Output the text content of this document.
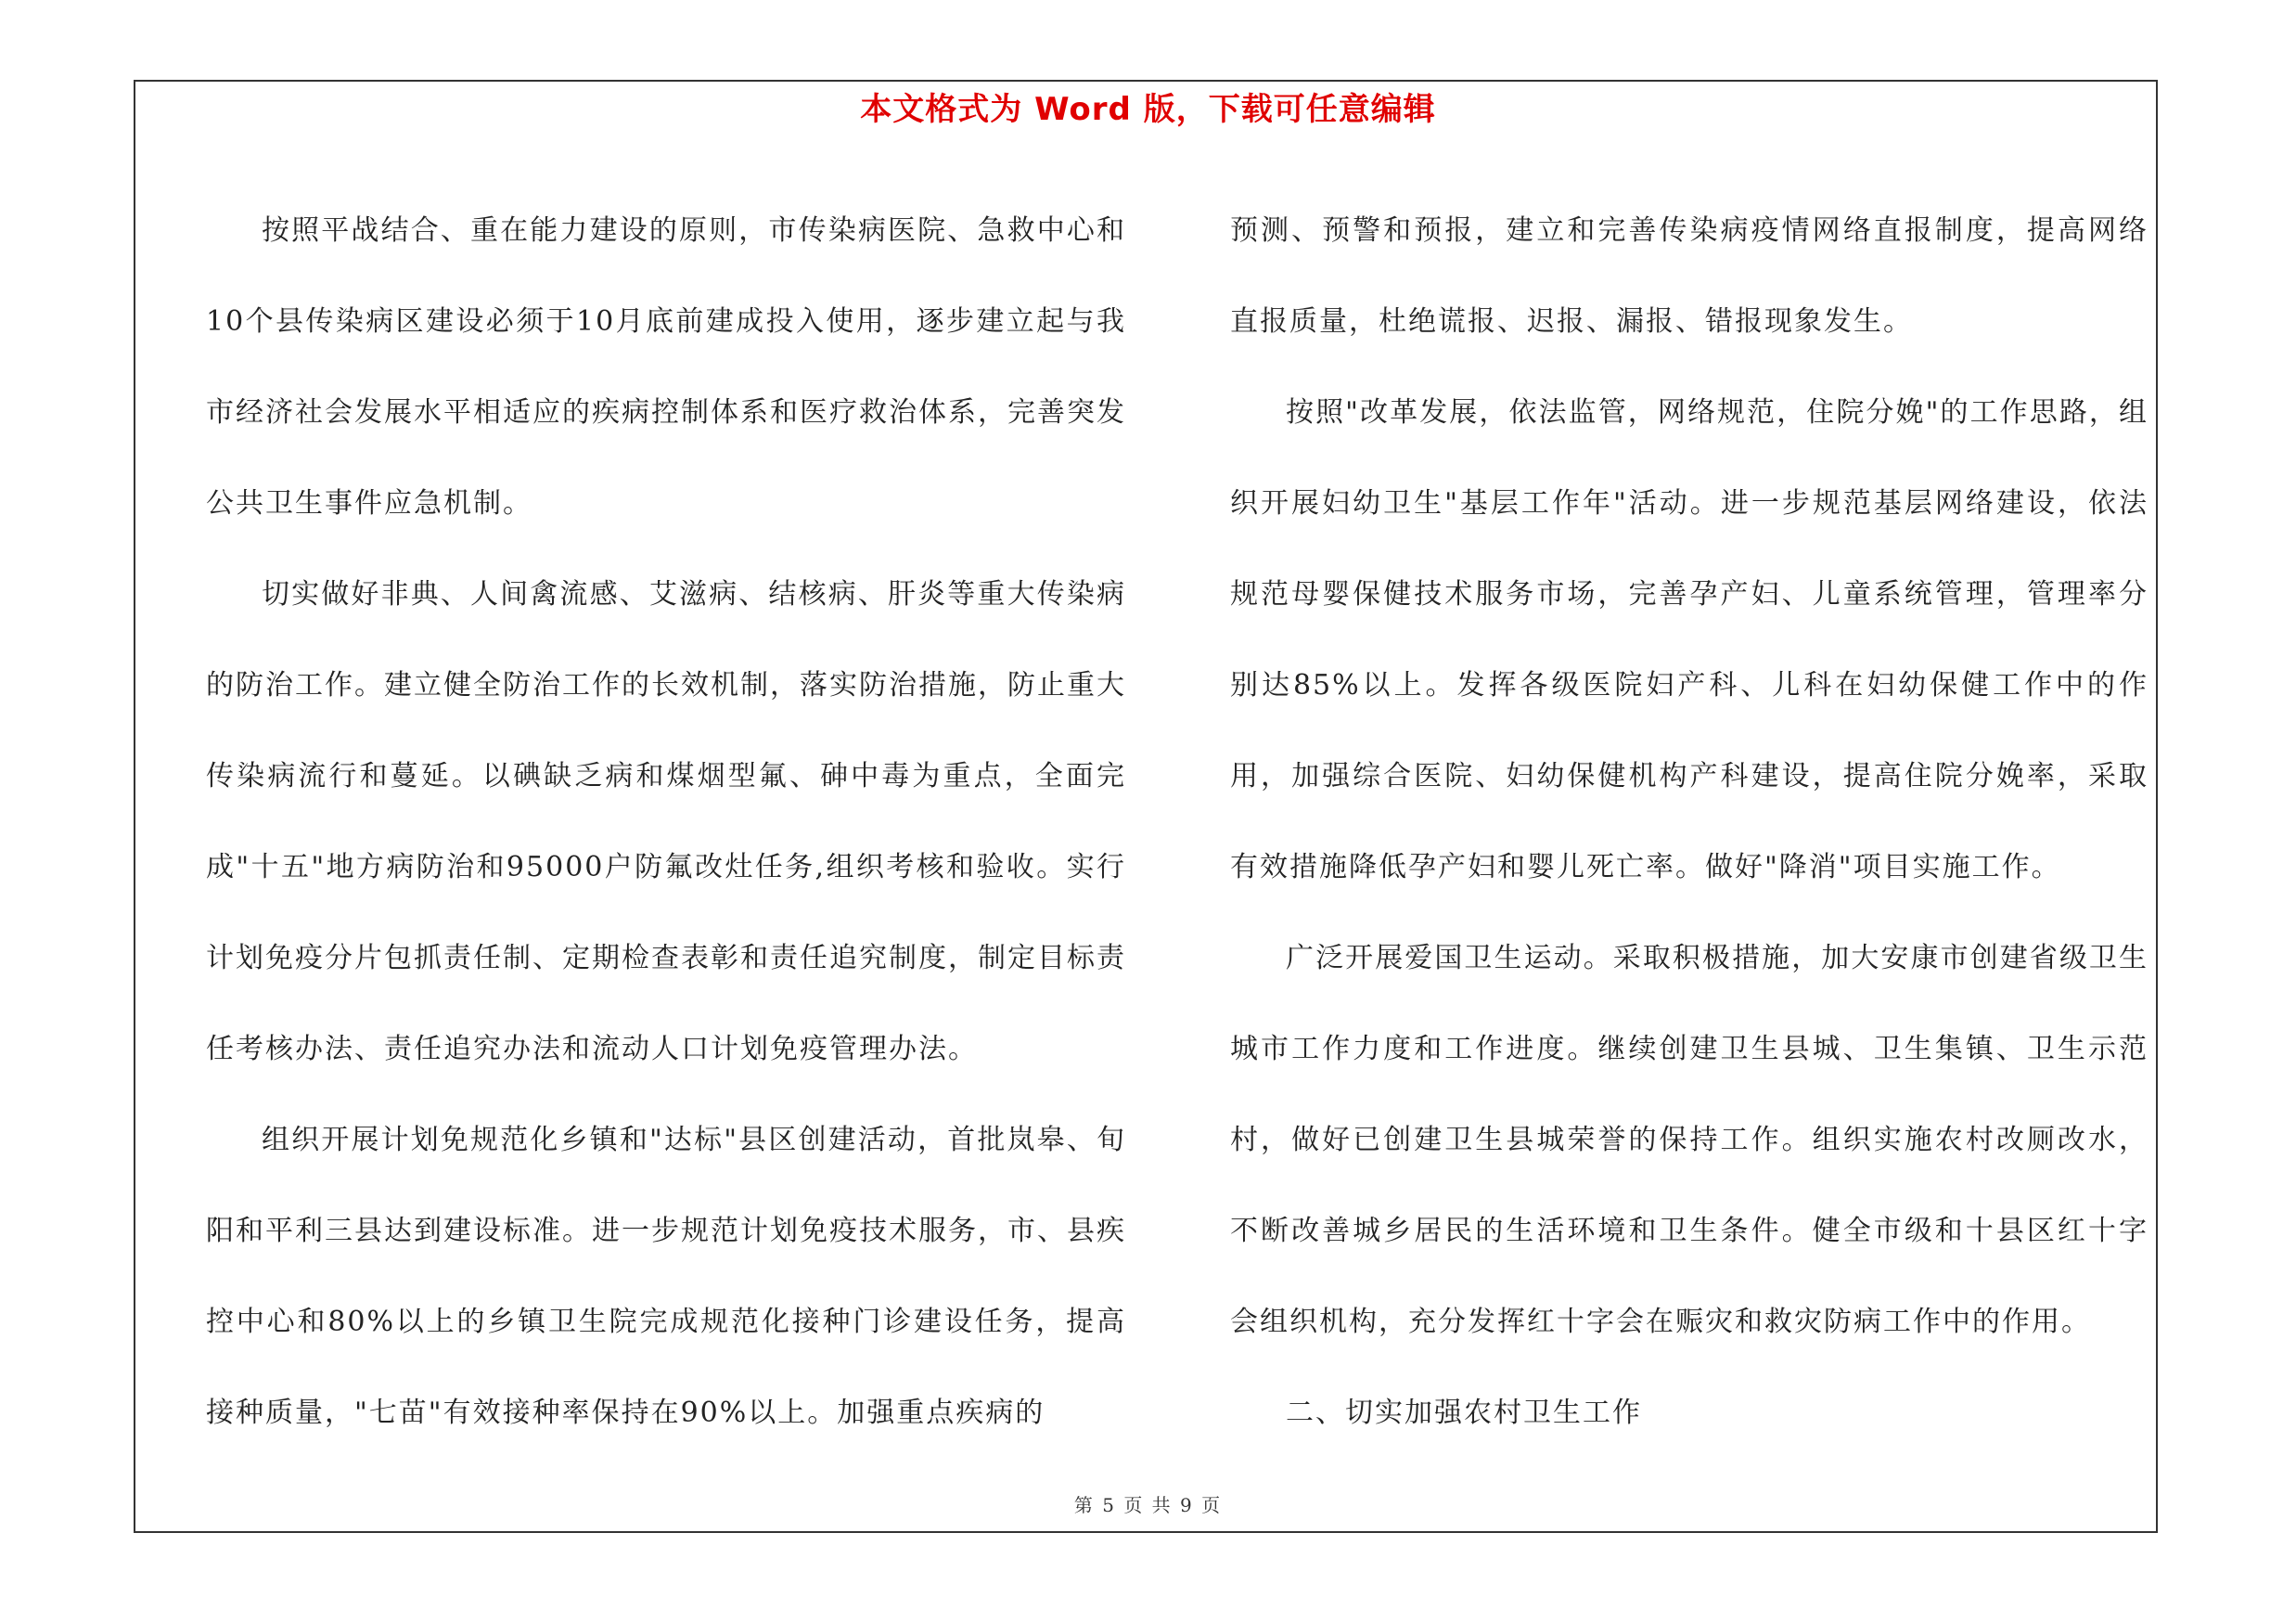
本文格式为 Word 版，下载可任意编辑

按照平战结合、重在能力建设的原则，市传染病医院、急救中心和10个县传染病区建设必须于10月底前建成投入使用，逐步建立起与我市经济社会发展水平相适应的疾病控制体系和医疗救治体系，完善突发公共卫生事件应急机制。

切实做好非典、人间禽流感、艾滋病、结核病、肝炎等重大传染病的防治工作。建立健全防治工作的长效机制，落实防治措施，防止重大传染病流行和蔓延。以碘缺乏病和煤烟型氟、砷中毒为重点，全面完成"十五"地方病防治和95000户防氟改灶任务,组织考核和验收。实行计划免疫分片包抓责任制、定期检查表彰和责任追究制度，制定目标责任考核办法、责任追究办法和流动人口计划免疫管理办法。

组织开展计划免规范化乡镇和"达标"县区创建活动，首批岚皋、旬阳和平利三县达到建设标准。进一步规范计划免疫技术服务，市、县疾控中心和80%以上的乡镇卫生院完成规范化接种门诊建设任务，提高接种质量，"七苗"有效接种率保持在90%以上。加强重点疾病的

预测、预警和预报，建立和完善传染病疫情网络直报制度，提高网络直报质量，杜绝谎报、迟报、漏报、错报现象发生。

按照"改革发展，依法监管，网络规范，住院分娩"的工作思路，组织开展妇幼卫生"基层工作年"活动。进一步规范基层网络建设，依法规范母婴保健技术服务市场，完善孕产妇、儿童系统管理，管理率分别达85%以上。发挥各级医院妇产科、儿科在妇幼保健工作中的作用，加强综合医院、妇幼保健机构产科建设，提高住院分娩率，采取有效措施降低孕产妇和婴儿死亡率。做好"降消"项目实施工作。

广泛开展爱国卫生运动。采取积极措施，加大安康市创建省级卫生城市工作力度和工作进度。继续创建卫生县城、卫生集镇、卫生示范村，做好已创建卫生县城荣誉的保持工作。组织实施农村改厕改水，不断改善城乡居民的生活环境和卫生条件。健全市级和十县区红十字会组织机构，充分发挥红十字会在赈灾和救灾防病工作中的作用。

二、切实加强农村卫生工作

第 5 页 共 9 页
